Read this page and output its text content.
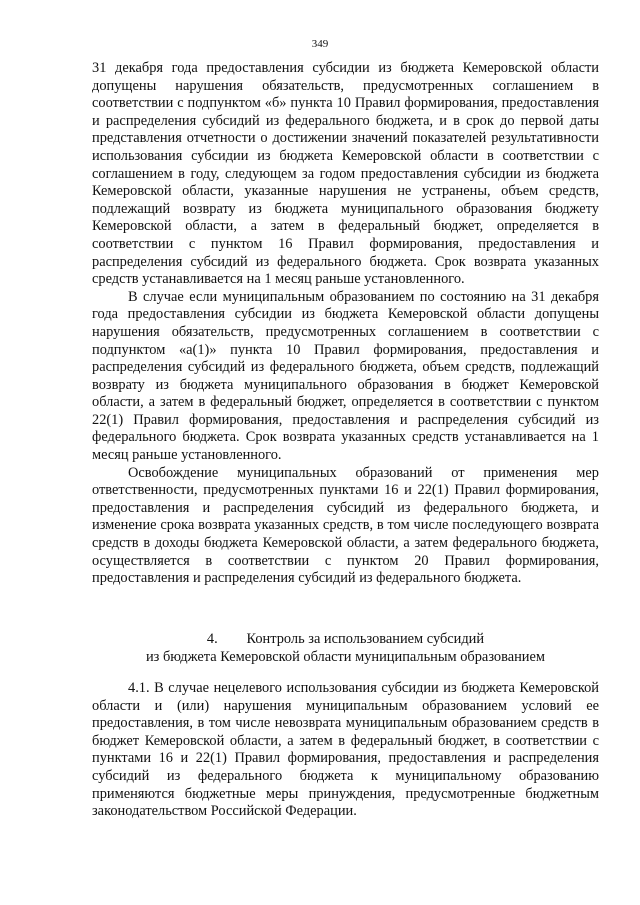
349

31 декабря года предоставления субсидии из бюджета Кемеровской области допущены нарушения обязательств, предусмотренных соглашением в соответствии с подпунктом «б» пункта 10 Правил формирования, предоставления и распределения субсидий из федерального бюджета, и в срок до первой даты представления отчетности о достижении значений показателей результативности использования субсидии из бюджета Кемеровской области в соответствии с соглашением в году, следующем за годом предоставления субсидии из бюджета Кемеровской области, указанные нарушения не устранены, объем средств, подлежащий возврату из бюджета муниципального образования бюджету Кемеровской области, а затем в федеральный бюджет, определяется в соответствии с пунктом 16 Правил формирования, предоставления и распределения субсидий из федерального бюджета. Срок возврата указанных средств устанавливается на 1 месяц раньше установленного.

В случае если муниципальным образованием по состоянию на 31 декабря года предоставления субсидии из бюджета Кемеровской области допущены нарушения обязательств, предусмотренных соглашением в соответствии с подпунктом «а(1)» пункта 10 Правил формирования, предоставления и распределения субсидий из федерального бюджета, объем средств, подлежащий возврату из бюджета муниципального образования в бюджет Кемеровской области, а затем в федеральный бюджет, определяется в соответствии с пунктом 22(1) Правил формирования, предоставления и распределения субсидий из федерального бюджета. Срок возврата указанных средств устанавливается на 1 месяц раньше установленного.

Освобождение муниципальных образований от применения мер ответственности, предусмотренных пунктами 16 и 22(1) Правил формирования, предоставления и распределения субсидий из федерального бюджета, и изменение срока возврата указанных средств, в том числе последующего возврата средств в доходы бюджета Кемеровской области, а затем федерального бюджета, осуществляется в соответствии с пунктом 20 Правил формирования, предоставления и распределения субсидий из федерального бюджета.

4. Контроль за использованием субсидий
из бюджета Кемеровской области муниципальным образованием

4.1. В случае нецелевого использования субсидии из бюджета Кемеровской области и (или) нарушения муниципальным образованием условий ее предоставления, в том числе невозврата муниципальным образованием средств в бюджет Кемеровской области, а затем в федеральный бюджет, в соответствии с пунктами 16 и 22(1) Правил формирования, предоставления и распределения субсидий из федерального бюджета к муниципальному образованию применяются бюджетные меры принуждения, предусмотренные бюджетным законодательством Российской Федерации.
